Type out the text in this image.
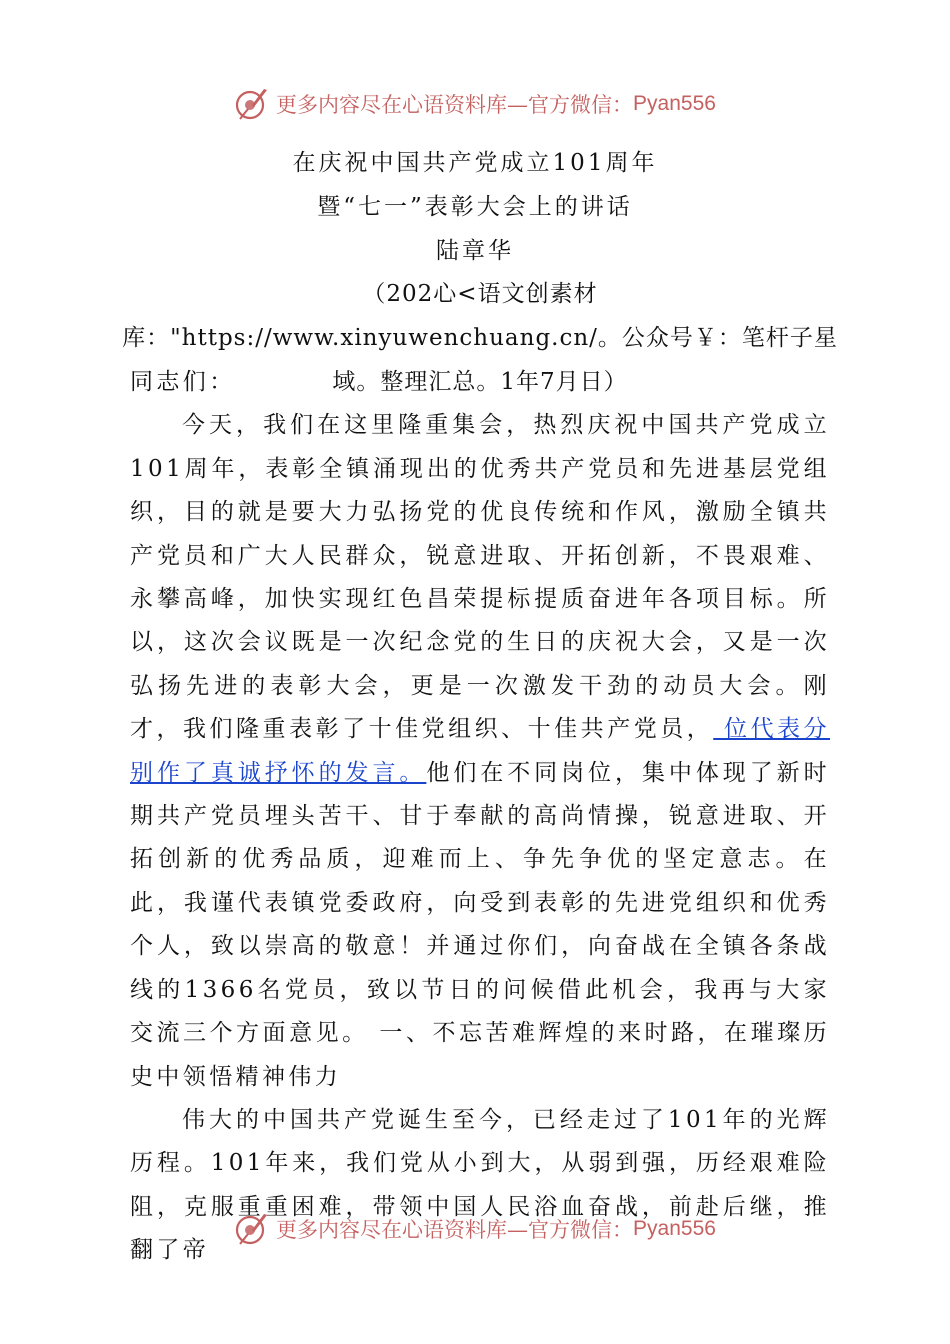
更多内容尽在心语资料库—官方微信： Pyan556
在庆祝中国共产党成立101周年
暨“七一”表彰大会上的讲话
陆章华
（202心<语文创素材库："https://www.xinyuwenchuang.cn/。公众号￥：笔杆子星域。整理汇总。1年7月日）

同志们：

今天，我们在这里隆重集会，热烈庆祝中国共产党成立101周年，表彰全镇涌现出的优秀共产党员和先进基层党组织，目的就是要大力弘扬党的优良传统和作风，激励全镇共产党员和广大人民群众，锐意进取、开拓创新，不畏艰难、永攀高峰，加快实现红色昌荣提标提质奋进年各项目标。所以，这次会议既是一次纪念党的生日的庆祝大会，又是一次弘扬先进的表彰大会，更是一次激发干劲的动员大会。刚才，我们隆重表彰了十佳党组织、十佳共产党员， 位代表分别作了真诚抒怀的发言。他们在不同岗位，集中体现了新时期共产党员埋头苦干、甘于奉献的高尚情操，锐意进取、开拓创新的优秀品质，迎难而上、争先争优的坚定意志。在此，我谨代表镇党委政府，向受到表彰的先进党组织和优秀个人，致以崇高的敬意！并通过你们，向奋战在全镇各条战线的1366名党员，致以节日的问候借此机会，我再与大家交流三个方面意见。 一、不忘苦难辉煌的来时路，在璀璨历史中领悟精神伟力

伟大的中国共产党诞生至今，已经走过了101年的光辉历程。101年来，我们党从小到大，从弱到强，历经艰难险阻，克服重重困难，带领中国人民浴血奋战，前赴后继，推翻了帝

更多内容尽在心语资料库—官方微信： Pyan556
